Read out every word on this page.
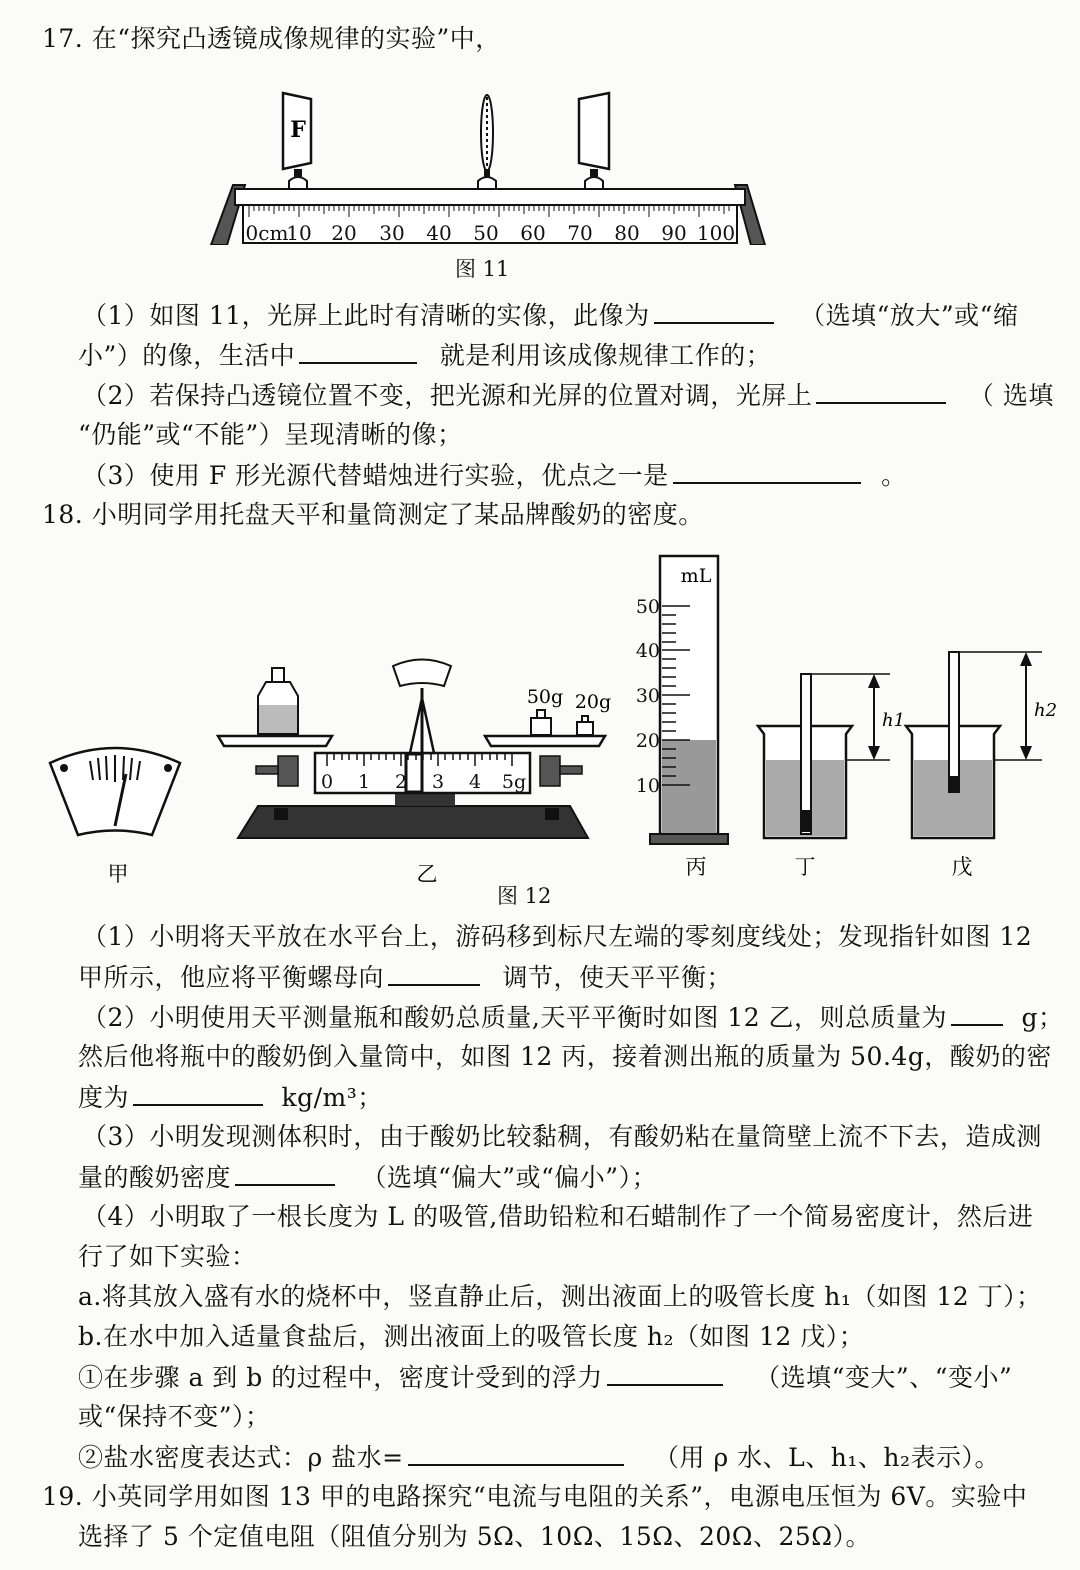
17. 在“探究凸透镜成像规律的实验”中，
0cm
10 20 30 40 50 60 70 80 90 100
F
图 11
（1）如图 11，光屏上此时有清晰的实像，此像为	（选填“放大”或“缩
小”）的像，生活中	就是利用该成像规律工作的；
（2）若保持凸透镜位置不变，把光源和光屏的位置对调，光屏上	（ 选填
“仍能”或“不能”）呈现清晰的像；
（3）使用 F 形光源代替蜡烛进行实验，优点之一是	。
18. 小明同学用托盘天平和量筒测定了某品牌酸奶的密度。
甲
0 1 2 3 4 5g
50g 20g
乙
mL
50
40
30
20
10
丙
h1
丁
h2
戊
图 12
（1）小明将天平放在水平台上，游码移到标尺左端的零刻度线处；发现指针如图 12
甲所示，他应将平衡螺母向	调节，使天平平衡；
（2）小明使用天平测量瓶和酸奶总质量,天平平衡时如图 12 乙，则总质量为	g；
然后他将瓶中的酸奶倒入量筒中，如图 12 丙，接着测出瓶的质量为 50.4g，酸奶的密
度为	kg/m³；
（3）小明发现测体积时，由于酸奶比较黏稠，有酸奶粘在量筒壁上流不下去，造成测
量的酸奶密度	（选填“偏大”或“偏小”）；
（4）小明取了一根长度为 L 的吸管,借助铅粒和石蜡制作了一个简易密度计，然后进
行了如下实验：
a.将其放入盛有水的烧杯中，竖直静止后，测出液面上的吸管长度 h₁（如图 12 丁）；
b.在水中加入适量食盐后，测出液面上的吸管长度 h₂（如图 12 戊）；
①在步骤 a 到 b 的过程中，密度计受到的浮力	（选填“变大”、“变小”
或“保持不变”）；
②盐水密度表达式：ρ 盐水=	（用 ρ 水、L、h₁、h₂表示）。
19. 小英同学用如图 13 甲的电路探究“电流与电阻的关系”，电源电压恒为 6V。实验中
选择了 5 个定值电阻（阻值分别为 5Ω、10Ω、15Ω、20Ω、25Ω）。
